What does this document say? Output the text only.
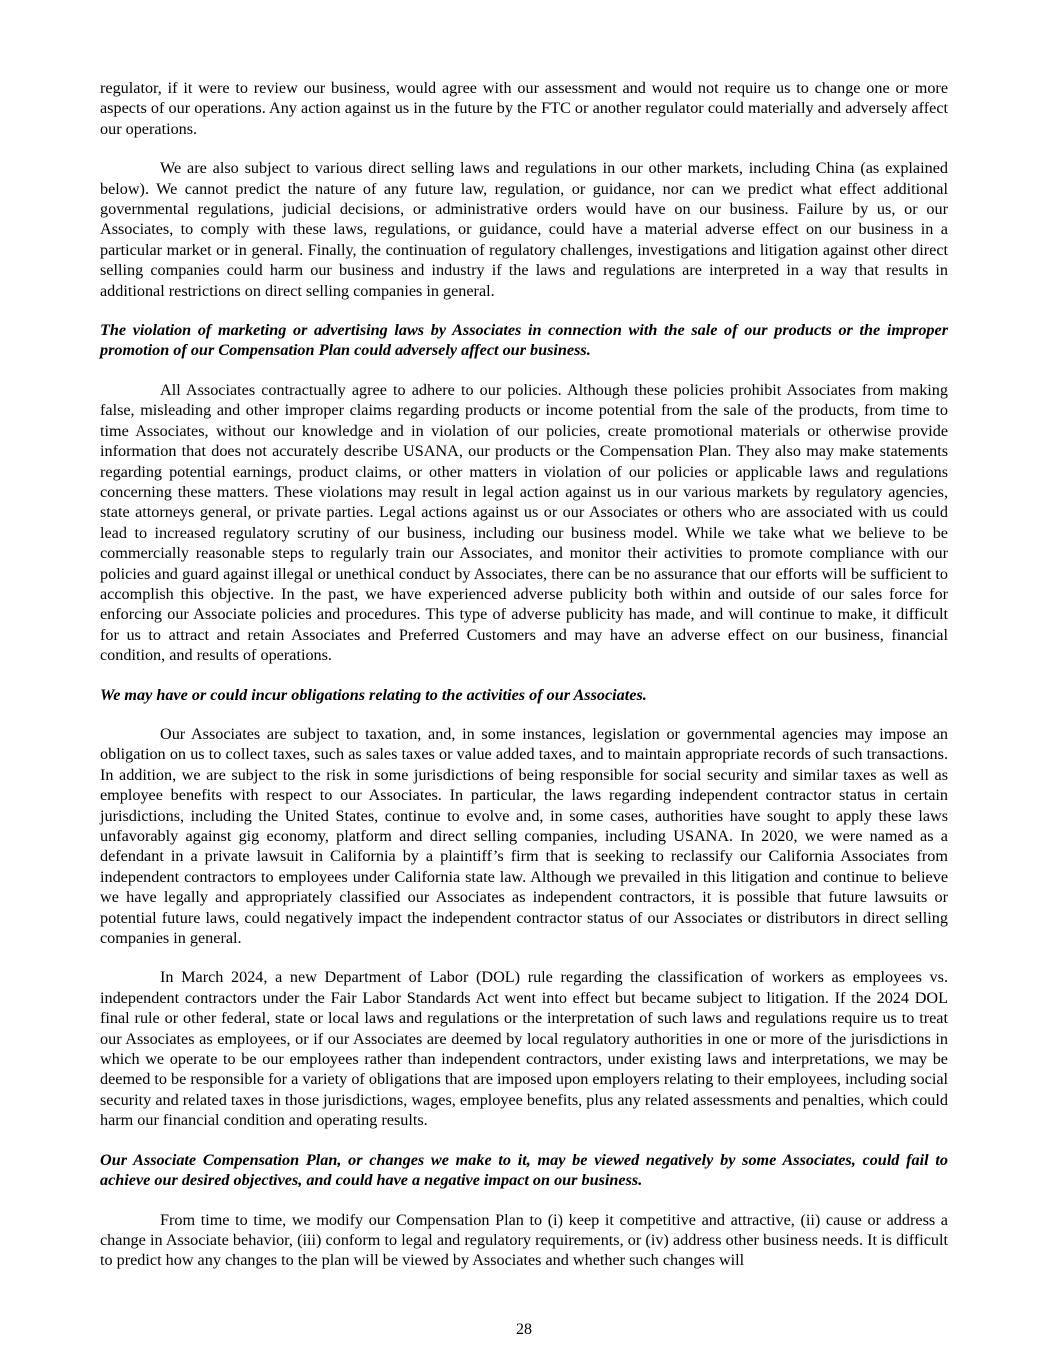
regulator, if it were to review our business, would agree with our assessment and would not require us to change one or more aspects of our operations. Any action against us in the future by the FTC or another regulator could materially and adversely affect our operations.

We are also subject to various direct selling laws and regulations in our other markets, including China (as explained below). We cannot predict the nature of any future law, regulation, or guidance, nor can we predict what effect additional governmental regulations, judicial decisions, or administrative orders would have on our business. Failure by us, or our Associates, to comply with these laws, regulations, or guidance, could have a material adverse effect on our business in a particular market or in general. Finally, the continuation of regulatory challenges, investigations and litigation against other direct selling companies could harm our business and industry if the laws and regulations are interpreted in a way that results in additional restrictions on direct selling companies in general.

The violation of marketing or advertising laws by Associates in connection with the sale of our products or the improper promotion of our Compensation Plan could adversely affect our business.

All Associates contractually agree to adhere to our policies. Although these policies prohibit Associates from making false, misleading and other improper claims regarding products or income potential from the sale of the products, from time to time Associates, without our knowledge and in violation of our policies, create promotional materials or otherwise provide information that does not accurately describe USANA, our products or the Compensation Plan. They also may make statements regarding potential earnings, product claims, or other matters in violation of our policies or applicable laws and regulations concerning these matters. These violations may result in legal action against us in our various markets by regulatory agencies, state attorneys general, or private parties. Legal actions against us or our Associates or others who are associated with us could lead to increased regulatory scrutiny of our business, including our business model. While we take what we believe to be commercially reasonable steps to regularly train our Associates, and monitor their activities to promote compliance with our policies and guard against illegal or unethical conduct by Associates, there can be no assurance that our efforts will be sufficient to accomplish this objective. In the past, we have experienced adverse publicity both within and outside of our sales force for enforcing our Associate policies and procedures. This type of adverse publicity has made, and will continue to make, it difficult for us to attract and retain Associates and Preferred Customers and may have an adverse effect on our business, financial condition, and results of operations.

We may have or could incur obligations relating to the activities of our Associates.

Our Associates are subject to taxation, and, in some instances, legislation or governmental agencies may impose an obligation on us to collect taxes, such as sales taxes or value added taxes, and to maintain appropriate records of such transactions. In addition, we are subject to the risk in some jurisdictions of being responsible for social security and similar taxes as well as employee benefits with respect to our Associates. In particular, the laws regarding independent contractor status in certain jurisdictions, including the United States, continue to evolve and, in some cases, authorities have sought to apply these laws unfavorably against gig economy, platform and direct selling companies, including USANA. In 2020, we were named as a defendant in a private lawsuit in California by a plaintiff’s firm that is seeking to reclassify our California Associates from independent contractors to employees under California state law. Although we prevailed in this litigation and continue to believe we have legally and appropriately classified our Associates as independent contractors, it is possible that future lawsuits or potential future laws, could negatively impact the independent contractor status of our Associates or distributors in direct selling companies in general.

In March 2024, a new Department of Labor (DOL) rule regarding the classification of workers as employees vs. independent contractors under the Fair Labor Standards Act went into effect but became subject to litigation. If the 2024 DOL final rule or other federal, state or local laws and regulations or the interpretation of such laws and regulations require us to treat our Associates as employees, or if our Associates are deemed by local regulatory authorities in one or more of the jurisdictions in which we operate to be our employees rather than independent contractors, under existing laws and interpretations, we may be deemed to be responsible for a variety of obligations that are imposed upon employers relating to their employees, including social security and related taxes in those jurisdictions, wages, employee benefits, plus any related assessments and penalties, which could harm our financial condition and operating results.

Our Associate Compensation Plan, or changes we make to it, may be viewed negatively by some Associates, could fail to achieve our desired objectives, and could have a negative impact on our business.

From time to time, we modify our Compensation Plan to (i) keep it competitive and attractive, (ii) cause or address a change in Associate behavior, (iii) conform to legal and regulatory requirements, or (iv) address other business needs. It is difficult to predict how any changes to the plan will be viewed by Associates and whether such changes will

28
